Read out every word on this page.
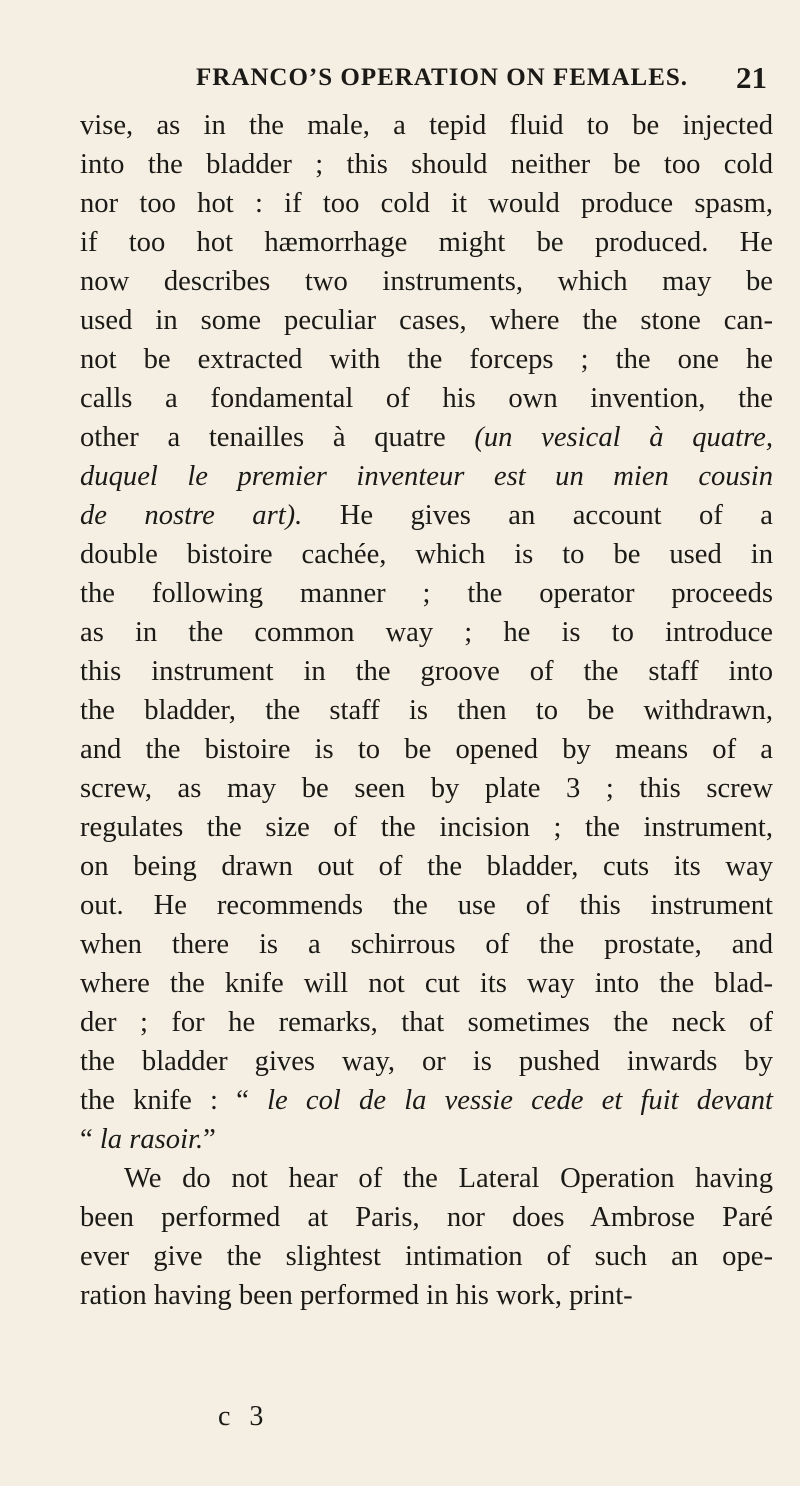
FRANCO’S OPERATION ON FEMALES. 21
vise, as in the male, a tepid fluid to be injected
into the bladder ; this should neither be too cold
nor too hot : if too cold it would produce spasm,
if too hot hæmorrhage might be produced. He
now describes two instruments, which may be
used in some peculiar cases, where the stone can-
not be extracted with the forceps ; the one he
calls a fondamental of his own invention, the
other a tenailles à quatre (un vesical à quatre,
duquel le premier inventeur est un mien cousin
de nostre art). He gives an account of a
double bistoire cachée, which is to be used in
the following manner ; the operator proceeds
as in the common way ; he is to introduce
this instrument in the groove of the staff into
the bladder, the staff is then to be withdrawn,
and the bistoire is to be opened by means of a
screw, as may be seen by plate 3 ; this screw
regulates the size of the incision ; the instrument,
on being drawn out of the bladder, cuts its way
out. He recommends the use of this instrument
when there is a schirrous of the prostate, and
where the knife will not cut its way into the blad-
der ; for he remarks, that sometimes the neck of
the bladder gives way, or is pushed inwards by
the knife : “ le col de la vessie cede et fuit devant
“ la rasoir.”
We do not hear of the Lateral Operation having
been performed at Paris, nor does Ambrose Paré
ever give the slightest intimation of such an ope-
ration having been performed in his work, print-
c 3
